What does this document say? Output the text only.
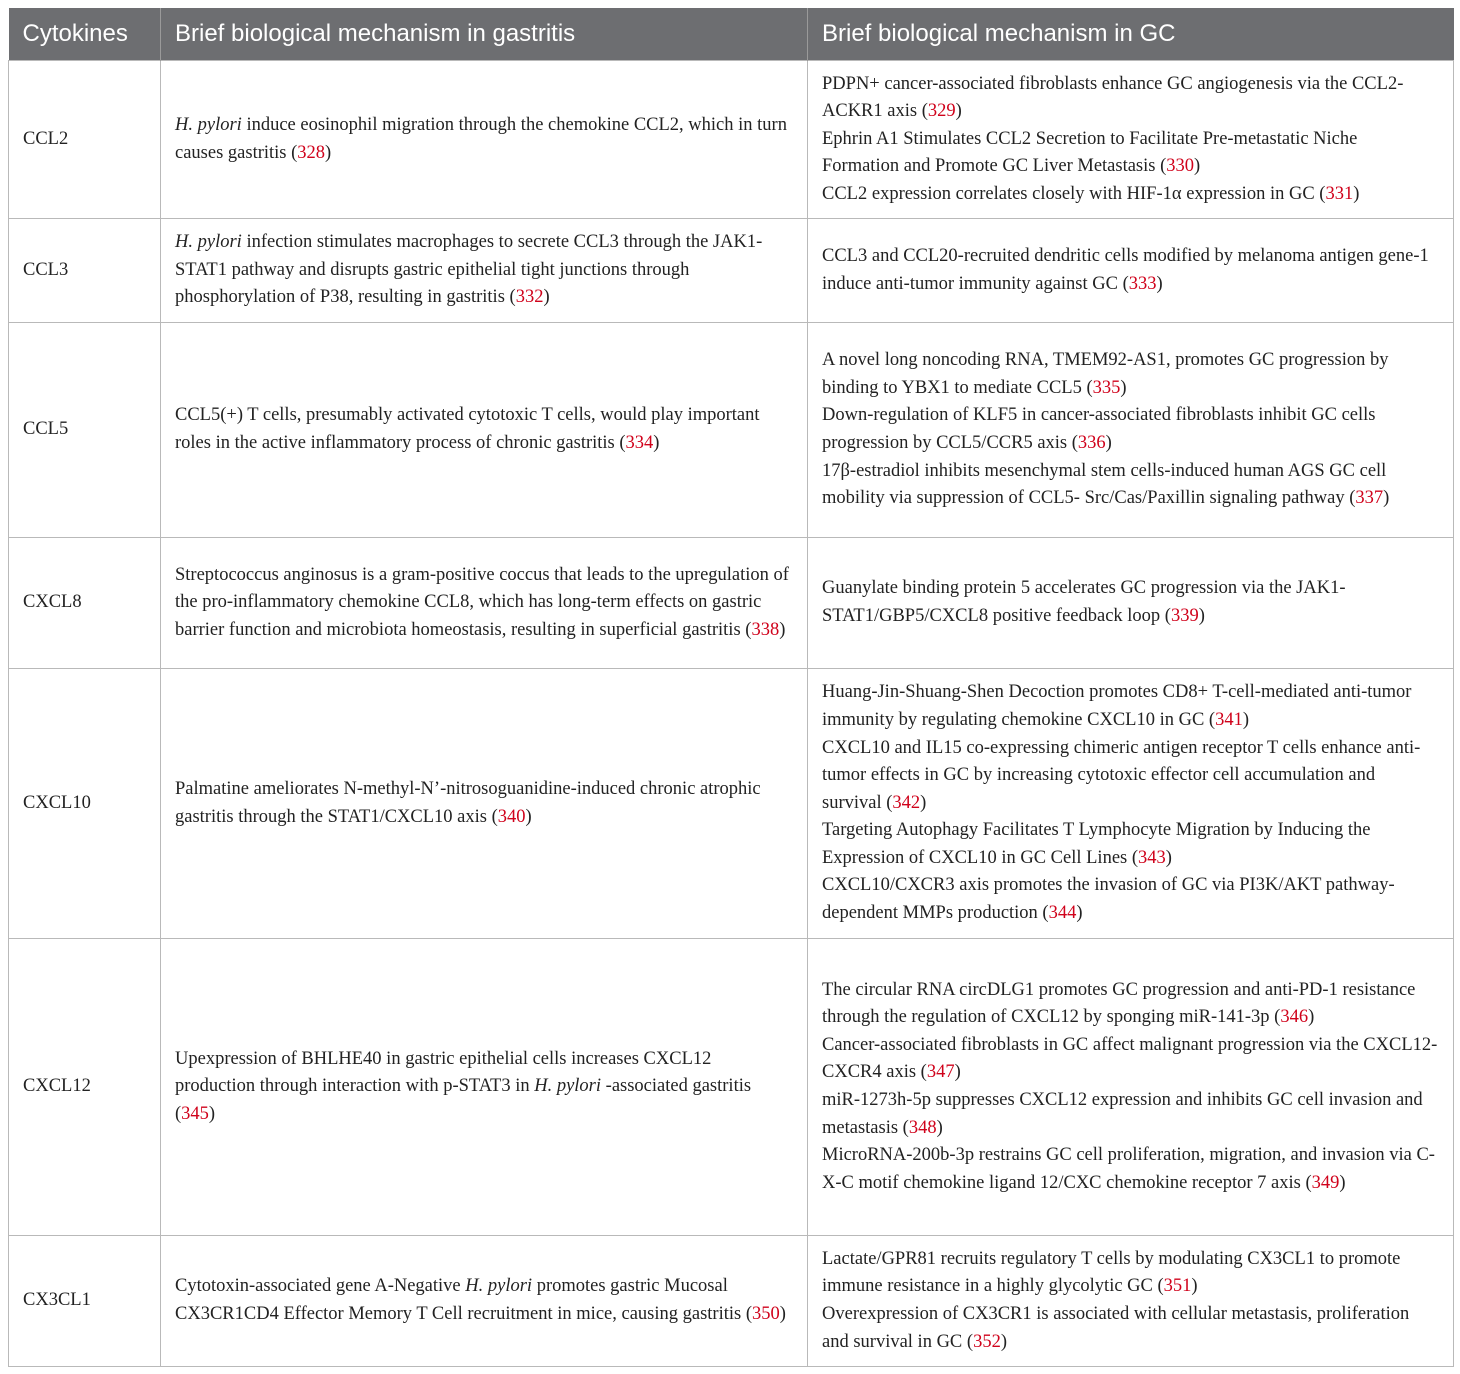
Cytokines	Brief biological mechanism in gastritis	Brief biological mechanism in GC
CCL2	H. pylori induce eosinophil migration through the chemokine CCL2, which in turn causes gastritis (328)	PDPN+ cancer-associated fibroblasts enhance GC angiogenesis via the CCL2-ACKR1 axis (329)

Ephrin A1 Stimulates CCL2 Secretion to Facilitate Pre-metastatic Niche Formation and Promote GC Liver Metastasis (330)

CCL2 expression correlates closely with HIF-1α expression in GC (331)

CCL3	H. pylori infection stimulates macrophages to secrete CCL3 through the JAK1-STAT1 pathway and disrupts gastric epithelial tight junctions through phosphorylation of P38, resulting in gastritis (332)	CCL3 and CCL20-recruited dendritic cells modified by melanoma antigen gene-1 induce anti-tumor immunity against GC (333)

CCL5	CCL5(+) T cells, presumably activated cytotoxic T cells, would play important roles in the active inflammatory process of chronic gastritis (334)	A novel long noncoding RNA, TMEM92-AS1, promotes GC progression by binding to YBX1 to mediate CCL5 (335)

Down-regulation of KLF5 in cancer-associated fibroblasts inhibit GC cells progression by CCL5/CCR5 axis (336)

17β-estradiol inhibits mesenchymal stem cells-induced human AGS GC cell mobility via suppression of CCL5- Src/Cas/Paxillin signaling pathway (337)

CXCL8	Streptococcus anginosus is a gram-positive coccus that leads to the upregulation of the pro-inflammatory chemokine CCL8, which has long-term effects on gastric barrier function and microbiota homeostasis, resulting in superficial gastritis (338)	Guanylate binding protein 5 accelerates GC progression via the JAK1-STAT1/GBP5/CXCL8 positive feedback loop (339)

CXCL10	Palmatine ameliorates N-methyl-N’-nitrosoguanidine-induced chronic atrophic gastritis through the STAT1/CXCL10 axis (340)	Huang-Jin-Shuang-Shen Decoction promotes CD8+ T-cell-mediated anti-tumor immunity by regulating chemokine CXCL10 in GC (341)

CXCL10 and IL15 co-expressing chimeric antigen receptor T cells enhance anti-tumor effects in GC by increasing cytotoxic effector cell accumulation and survival (342)

Targeting Autophagy Facilitates T Lymphocyte Migration by Inducing the Expression of CXCL10 in GC Cell Lines (343)

CXCL10/CXCR3 axis promotes the invasion of GC via PI3K/AKT pathway-dependent MMPs production (344)

CXCL12	Upexpression of BHLHE40 in gastric epithelial cells increases CXCL12 production through interaction with p-STAT3 in H. pylori -associated gastritis (345)	The circular RNA circDLG1 promotes GC progression and anti-PD-1 resistance through the regulation of CXCL12 by sponging miR-141-3p (346)

Cancer-associated fibroblasts in GC affect malignant progression via the CXCL12-CXCR4 axis (347)

miR-1273h-5p suppresses CXCL12 expression and inhibits GC cell invasion and metastasis (348)

MicroRNA-200b-3p restrains GC cell proliferation, migration, and invasion via C-X-C motif chemokine ligand 12/CXC chemokine receptor 7 axis (349)

CX3CL1	Cytotoxin-associated gene A-Negative H. pylori promotes gastric Mucosal CX3CR1CD4 Effector Memory T Cell recruitment in mice, causing gastritis (350)	Lactate/GPR81 recruits regulatory T cells by modulating CX3CL1 to promote immune resistance in a highly glycolytic GC (351)

Overexpression of CX3CR1 is associated with cellular metastasis, proliferation and survival in GC (352)
